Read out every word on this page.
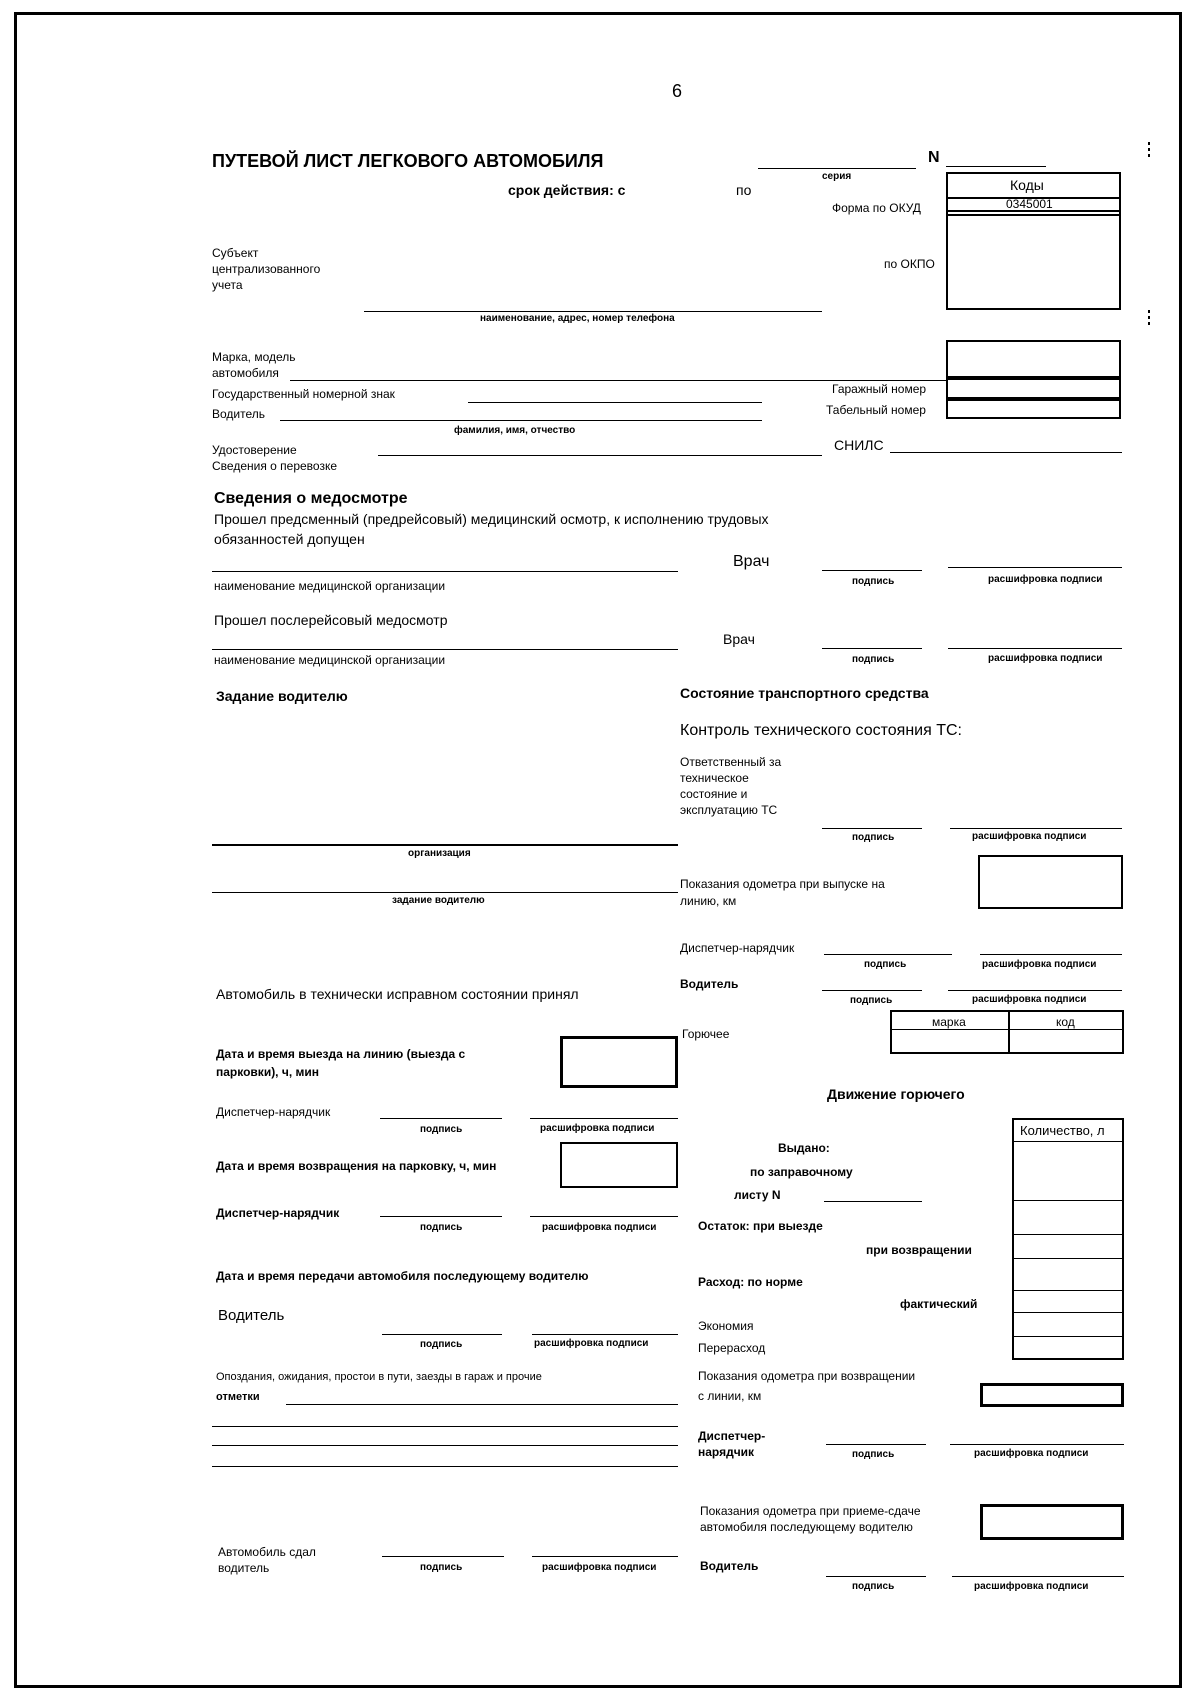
6
ПУТЕВОЙ ЛИСТ ЛЕГКОВОГО АВТОМОБИЛЯ	N
серия
срок действия: с	по	Коды
0345001
Форма по ОКУД
по ОКПО
Субъект
централизованного
учета
наименование, адрес, номер телефона
Марка, модель
автомобиля
Государственный номерной знак	Гаражный номер
Водитель	Табельный номер
фамилия, имя, отчество
Удостоверение	СНИЛС
Сведения о перевозке
Сведения о медосмотре
Прошел предсменный (предрейсовый) медицинский осмотр, к исполнению трудовых
обязанностей допущен
наименование медицинской организации
Врач
подпись	расшифровка подписи
Прошел послерейсовый медосмотр
наименование медицинской организации
Врач
подпись	расшифровка подписи
Задание водителю
организация
задание водителю
Автомобиль в технически исправном состоянии принял
Дата и время выезда на линию (выезда с
парковки), ч, мин
Диспетчер-нарядчик
подпись	расшифровка подписи
Дата и время возвращения на парковку, ч, мин
Диспетчер-нарядчик
подпись	расшифровка подписи
Дата и время передачи автомобиля последующему водителю
Водитель
подпись	расшифровка подписи
Опоздания, ожидания, простои в пути, заезды в гараж и прочие
отметки
Автомобиль сдал
водитель	подпись	расшифровка подписи
Состояние транспортного средства
Контроль технического состояния ТС:
Ответственный за
техническое
состояние и
эксплуатацию ТС
подпись	расшифровка подписи
Показания одометра при выпуске на
линию, км
Диспетчер-нарядчик
подпись	расшифровка подписи
Водитель
подпись	расшифровка подписи
Горючее
марка	код
Движение горючего
Количество, л
Выдано:
по заправочному
листу N
Остаток: при выезде
при возвращении
Расход: по норме
фактический
Экономия
Перерасход
Показания одометра при возвращении
с линии, км
Диспетчер-
нарядчик	подпись	расшифровка подписи
Показания одометра при приеме-сдаче
автомобиля последующему водителю
Водитель
подпись	расшифровка подписи
